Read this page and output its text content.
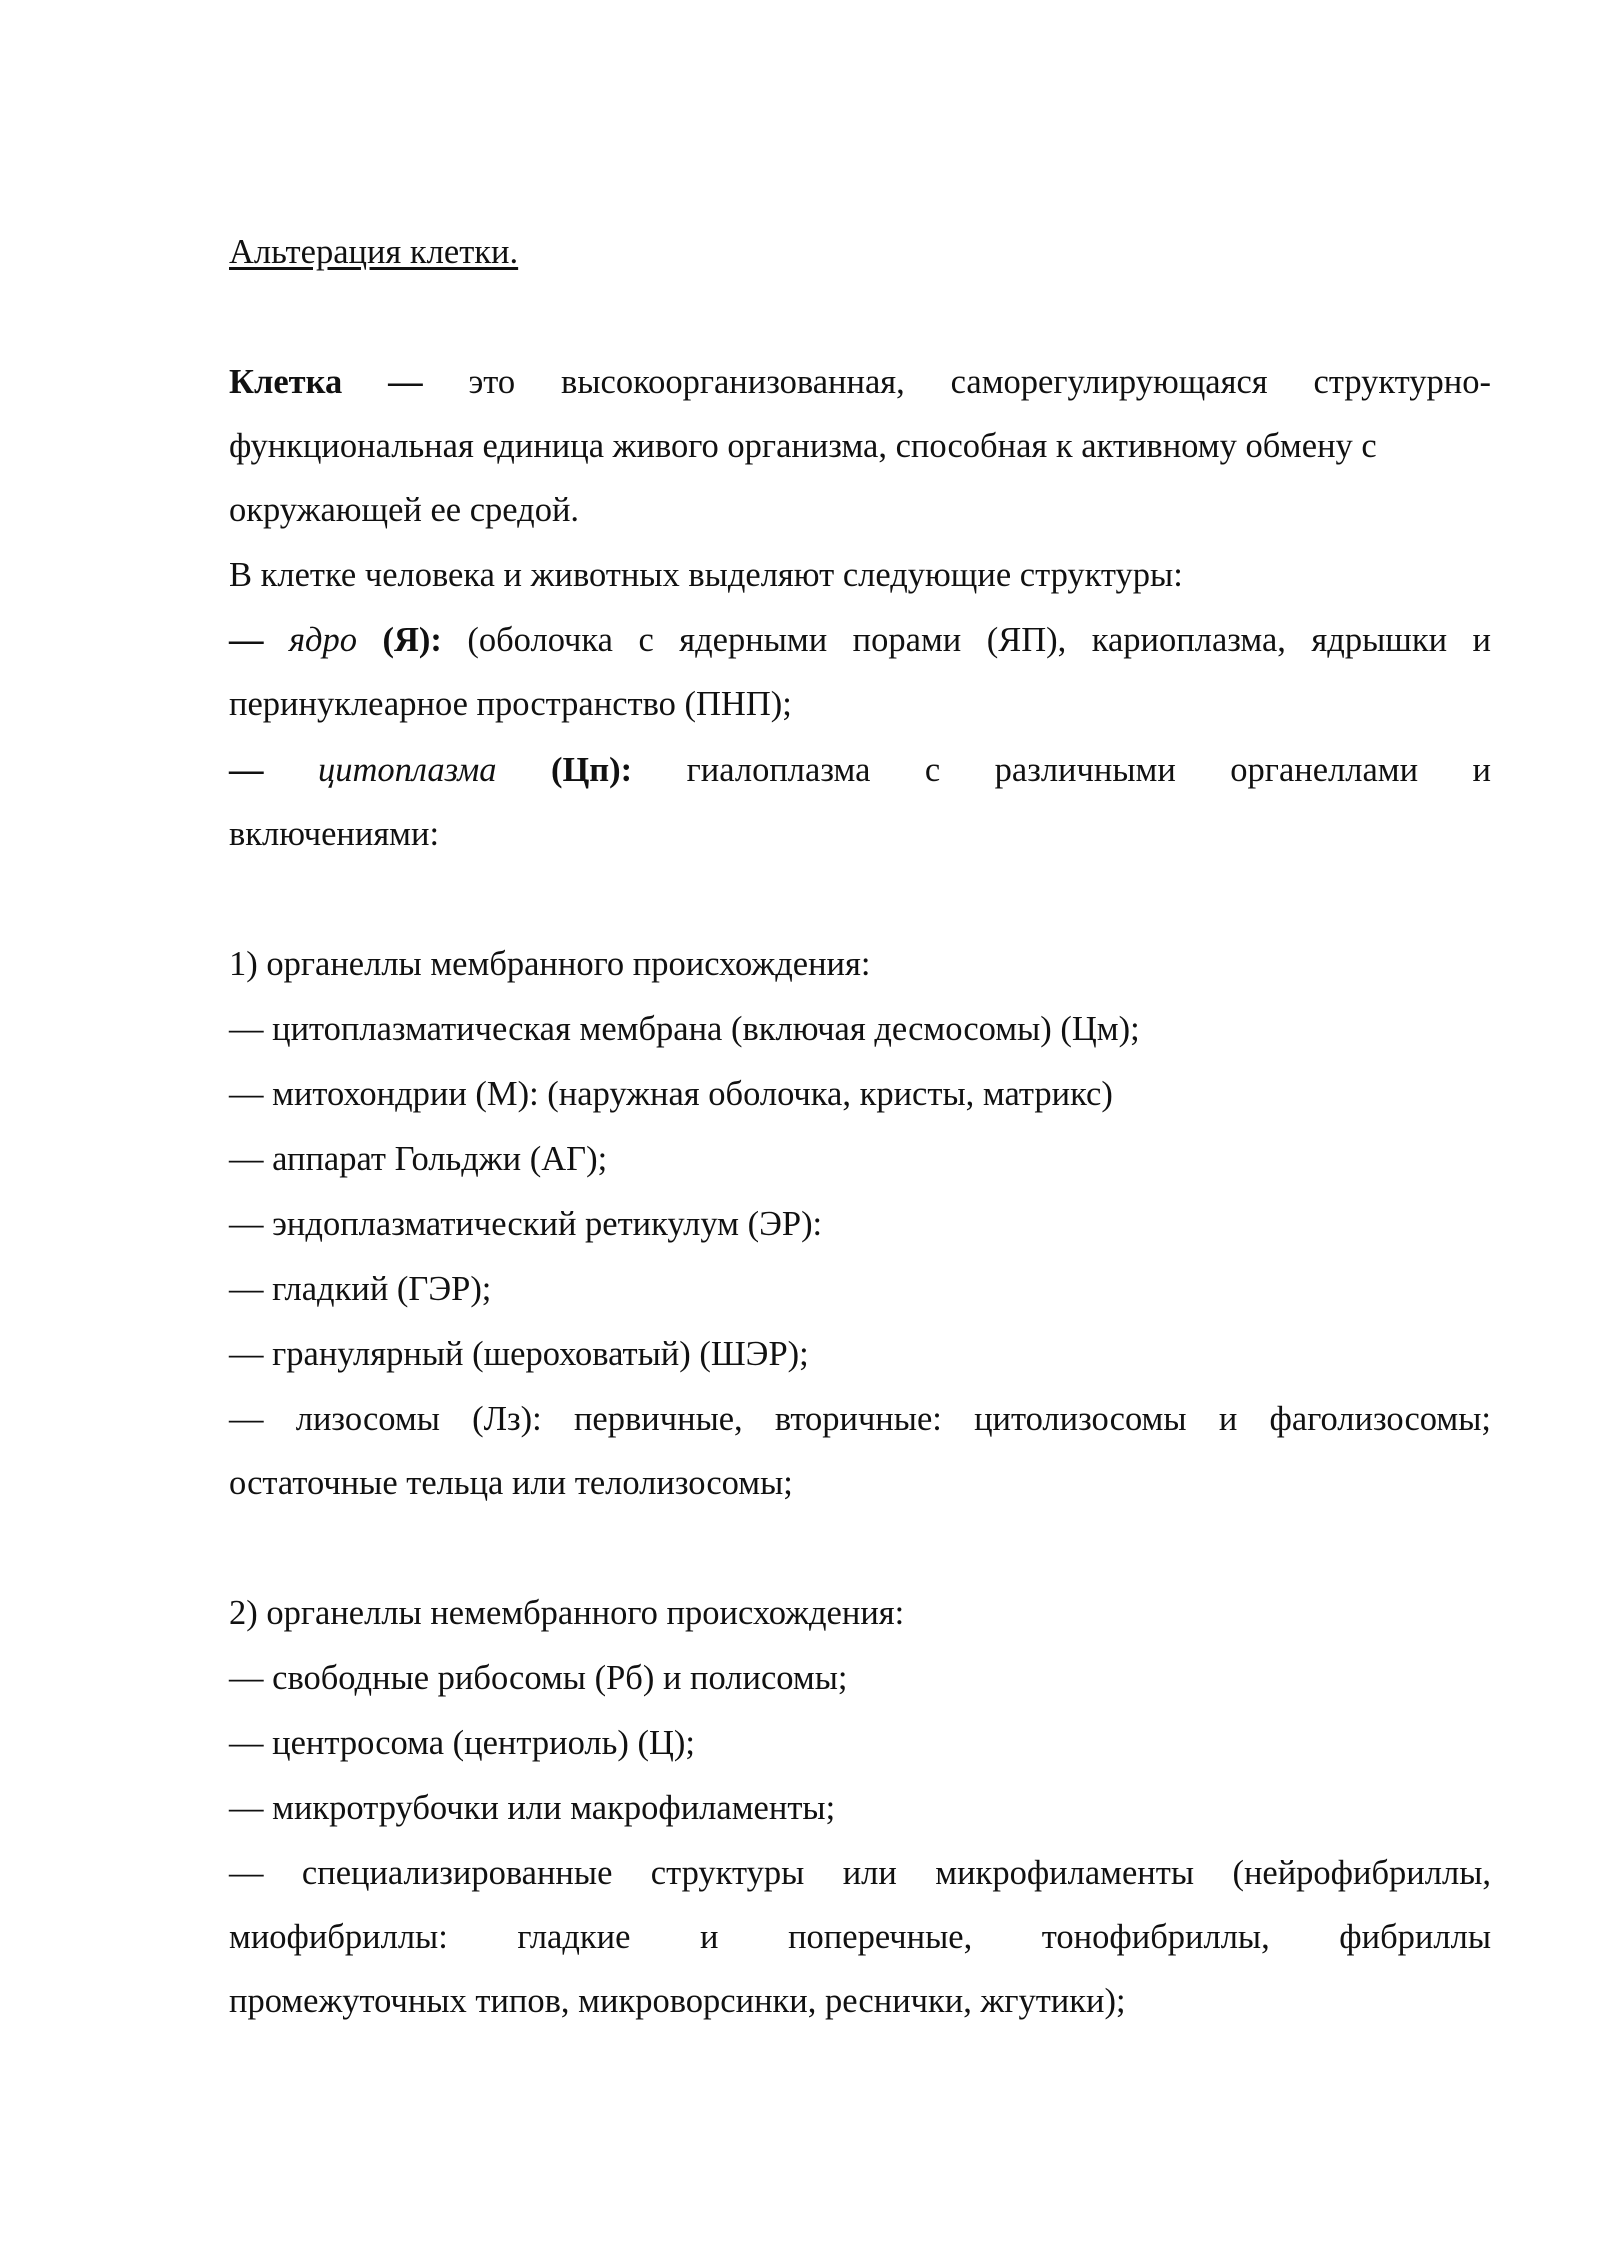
Альтерация клетки.
Клетка — это высокоорганизованная, саморегулирующаяся структурно-
функциональная единица живого организма, способная к активному обмену с
окружающей ее средой.
В клетке человека и животных выделяют следующие структуры:
— ядро (Я): (оболочка с ядерными порами (ЯП), кариоплазма, ядрышки и
перинуклеарное пространство (ПНП);
— цитоплазма (Цп): гиалоплазма с различными органеллами и
включениями:
1) органеллы мембранного происхождения:
— цитоплазматическая мембрана (включая десмосомы) (Цм);
— митохондрии (М): (наружная оболочка, кристы, матрикс)
— аппарат Гольджи (АГ);
— эндоплазматический ретикулум (ЭР):
— гладкий (ГЭР);
— гранулярный (шероховатый) (ШЭР);
— лизосомы (Лз): первичные, вторичные: цитолизосомы и фаголизосомы;
остаточные тельца или телолизосомы;
2) органеллы немембранного происхождения:
— свободные рибосомы (Рб) и полисомы;
— центросома (центриоль) (Ц);
— микротрубочки или макрофиламенты;
— специализированные структуры или микрофиламенты (нейрофибриллы,
миофибриллы: гладкие и поперечные, тонофибриллы, фибриллы
промежуточных типов, микроворсинки, реснички, жгутики);
